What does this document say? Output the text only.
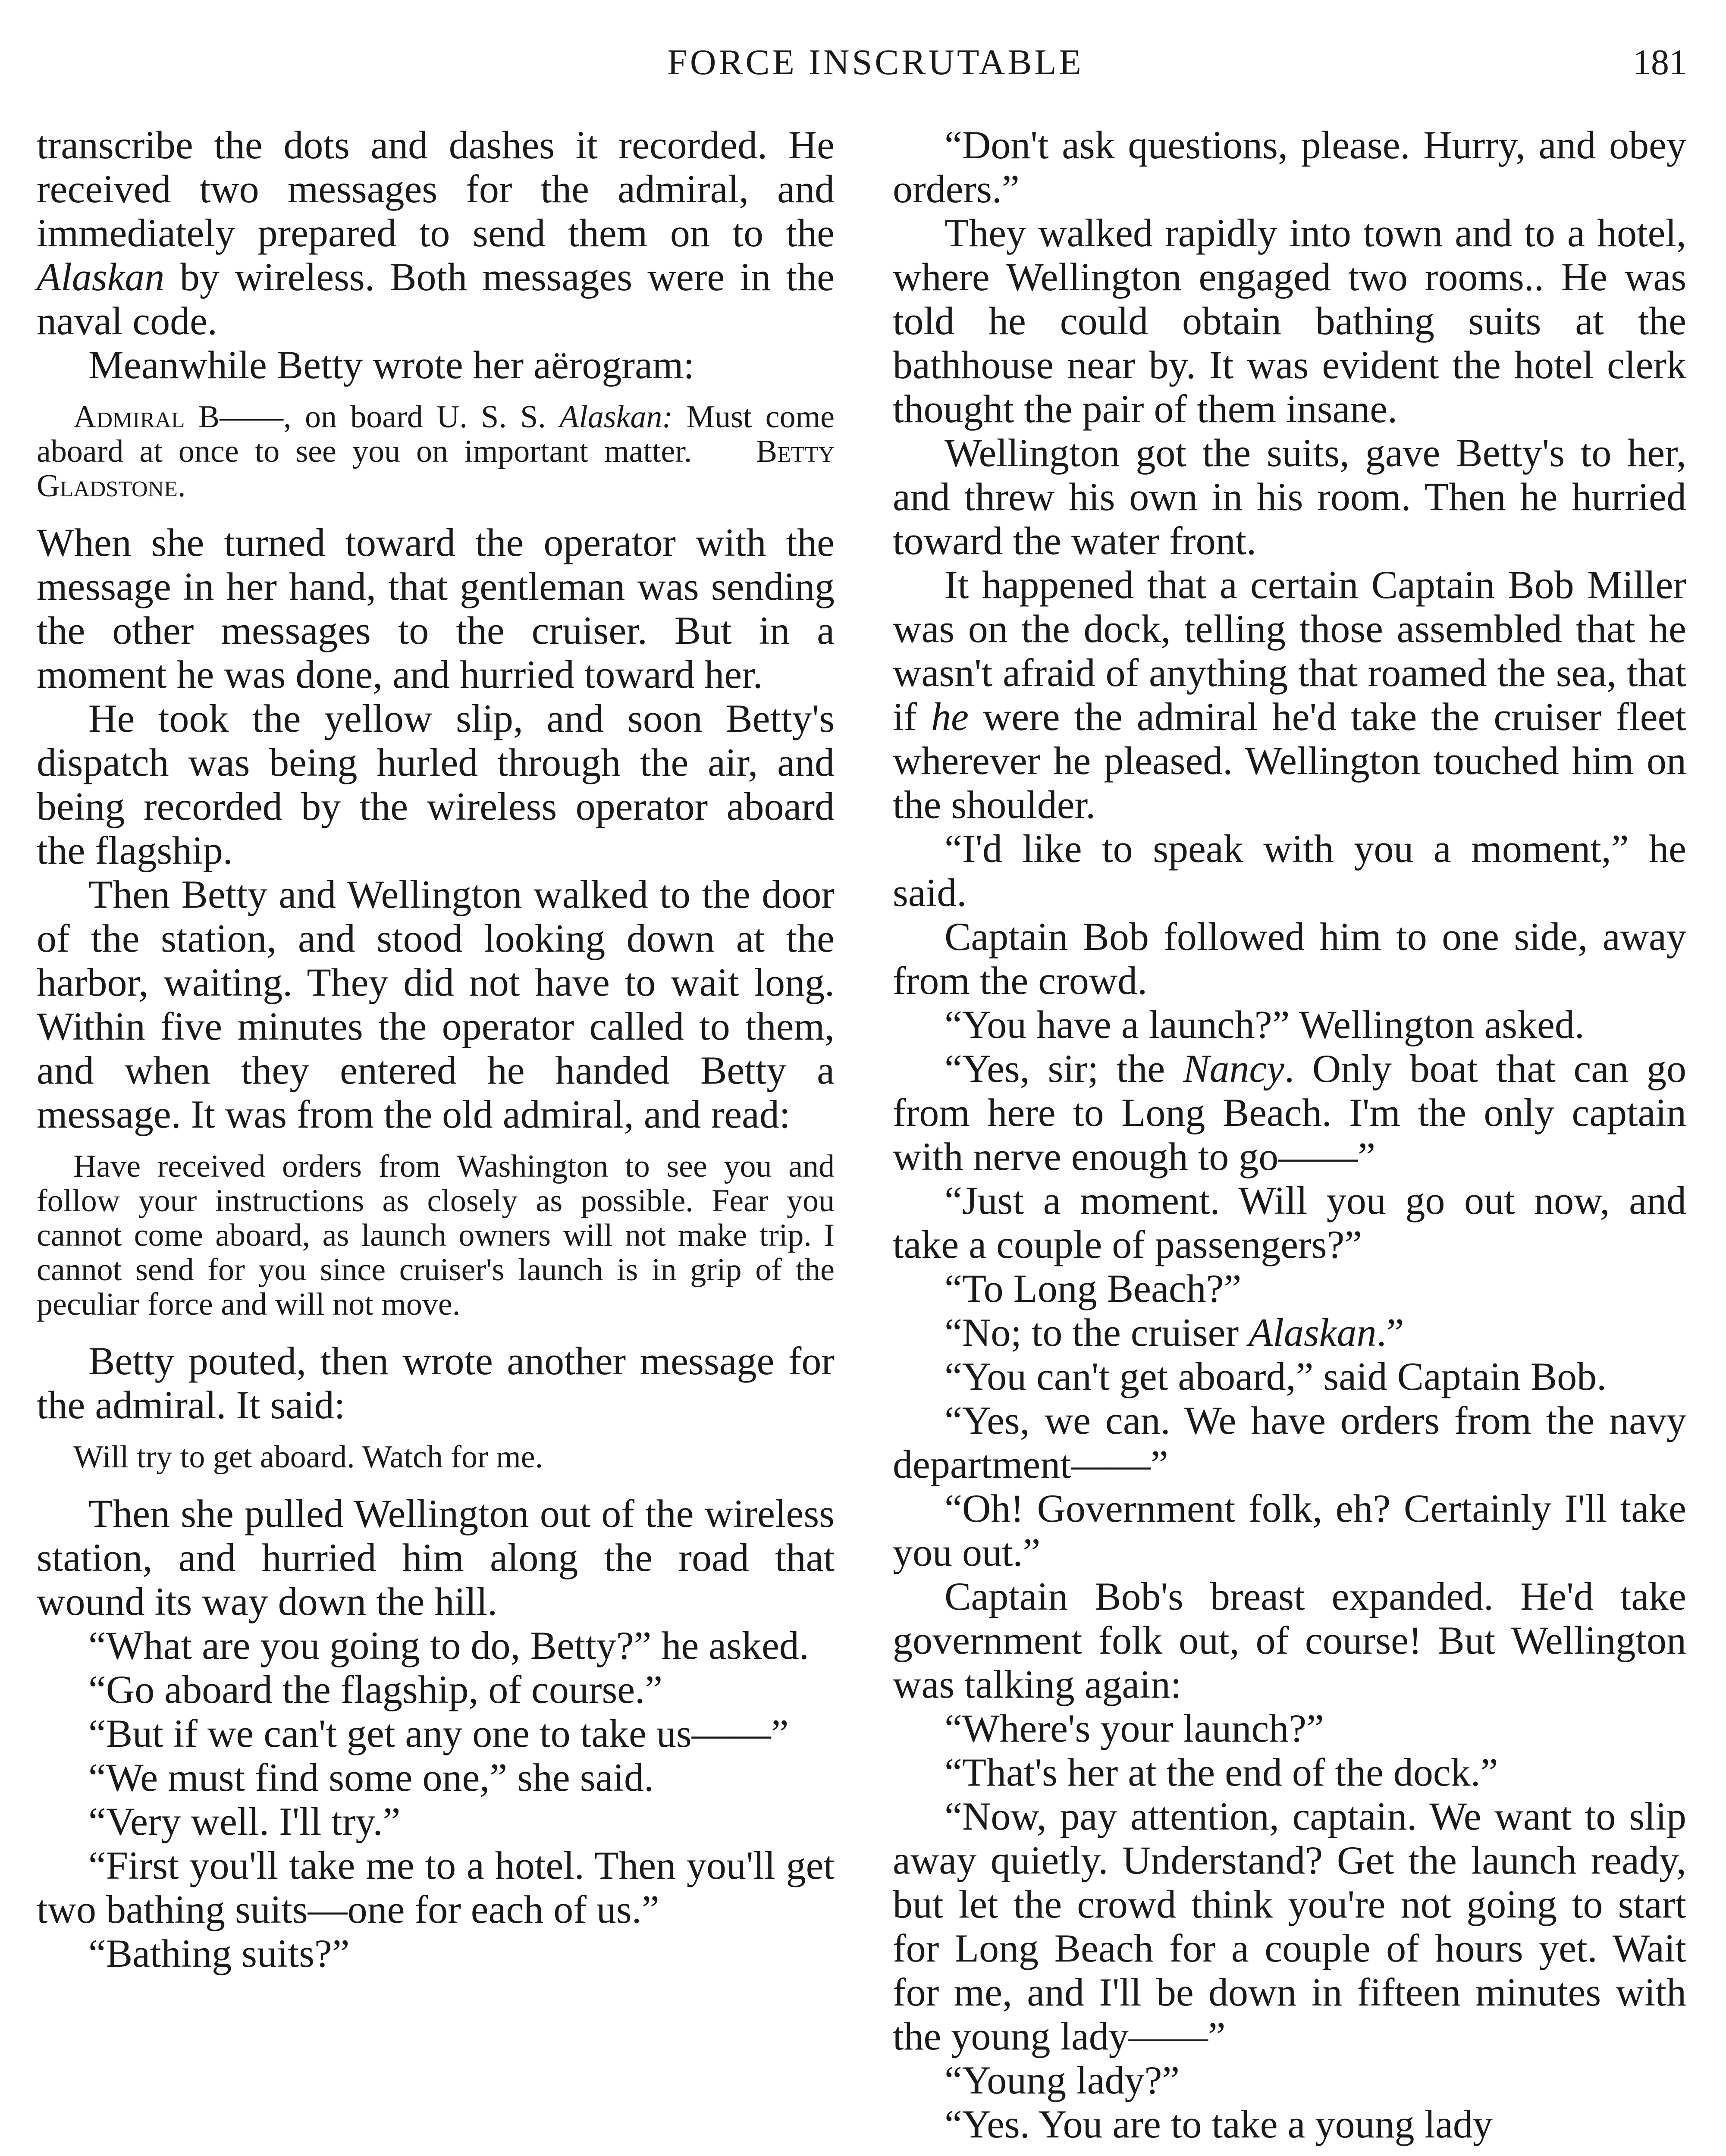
FORCE INSCRUTABLE	181

transcribe the dots and dashes it recorded. He received two messages for the admiral, and immediately prepared to send them on to the Alaskan by wireless. Both messages were in the naval code.

Meanwhile Betty wrote her aërogram:

Admiral B——, on board U. S. S. Alaskan: Must come aboard at once to see you on important matter. Betty Gladstone.

When she turned toward the operator with the message in her hand, that gentleman was sending the other messages to the cruiser. But in a moment he was done, and hurried toward her.

He took the yellow slip, and soon Betty's dispatch was being hurled through the air, and being recorded by the wireless operator aboard the flagship.

Then Betty and Wellington walked to the door of the station, and stood looking down at the harbor, waiting. They did not have to wait long. Within five minutes the operator called to them, and when they entered he handed Betty a message. It was from the old admiral, and read:

Have received orders from Washington to see you and follow your instructions as closely as possible. Fear you cannot come aboard, as launch owners will not make trip. I cannot send for you since cruiser's launch is in grip of the peculiar force and will not move.

Betty pouted, then wrote another message for the admiral. It said:

Will try to get aboard. Watch for me.

Then she pulled Wellington out of the wireless station, and hurried him along the road that wound its way down the hill.

“What are you going to do, Betty?” he asked.

“Go aboard the flagship, of course.”

“But if we can't get any one to take us——”

“We must find some one,” she said.

“Very well. I'll try.”

“First you'll take me to a hotel. Then you'll get two bathing suits—one for each of us.”

“Bathing suits?”

“Don't ask questions, please. Hurry, and obey orders.”

They walked rapidly into town and to a hotel, where Wellington engaged two rooms.. He was told he could obtain bathing suits at the bathhouse near by. It was evident the hotel clerk thought the pair of them insane.

Wellington got the suits, gave Betty's to her, and threw his own in his room. Then he hurried toward the water front.

It happened that a certain Captain Bob Miller was on the dock, telling those assembled that he wasn't afraid of anything that roamed the sea, that if he were the admiral he'd take the cruiser fleet wherever he pleased. Wellington touched him on the shoulder.

“I'd like to speak with you a moment,” he said.

Captain Bob followed him to one side, away from the crowd.

“You have a launch?” Wellington asked.

“Yes, sir; the Nancy. Only boat that can go from here to Long Beach. I'm the only captain with nerve enough to go——”

“Just a moment. Will you go out now, and take a couple of passengers?”

“To Long Beach?”

“No; to the cruiser Alaskan.”

“You can't get aboard,” said Captain Bob.

“Yes, we can. We have orders from the navy department——”

“Oh! Government folk, eh? Certainly I'll take you out.”

Captain Bob's breast expanded. He'd take government folk out, of course! But Wellington was talking again:

“Where's your launch?”

“That's her at the end of the dock.”

“Now, pay attention, captain. We want to slip away quietly. Understand? Get the launch ready, but let the crowd think you're not going to start for Long Beach for a couple of hours yet. Wait for me, and I'll be down in fifteen minutes with the young lady——”

“Young lady?”

“Yes. You are to take a young lady
